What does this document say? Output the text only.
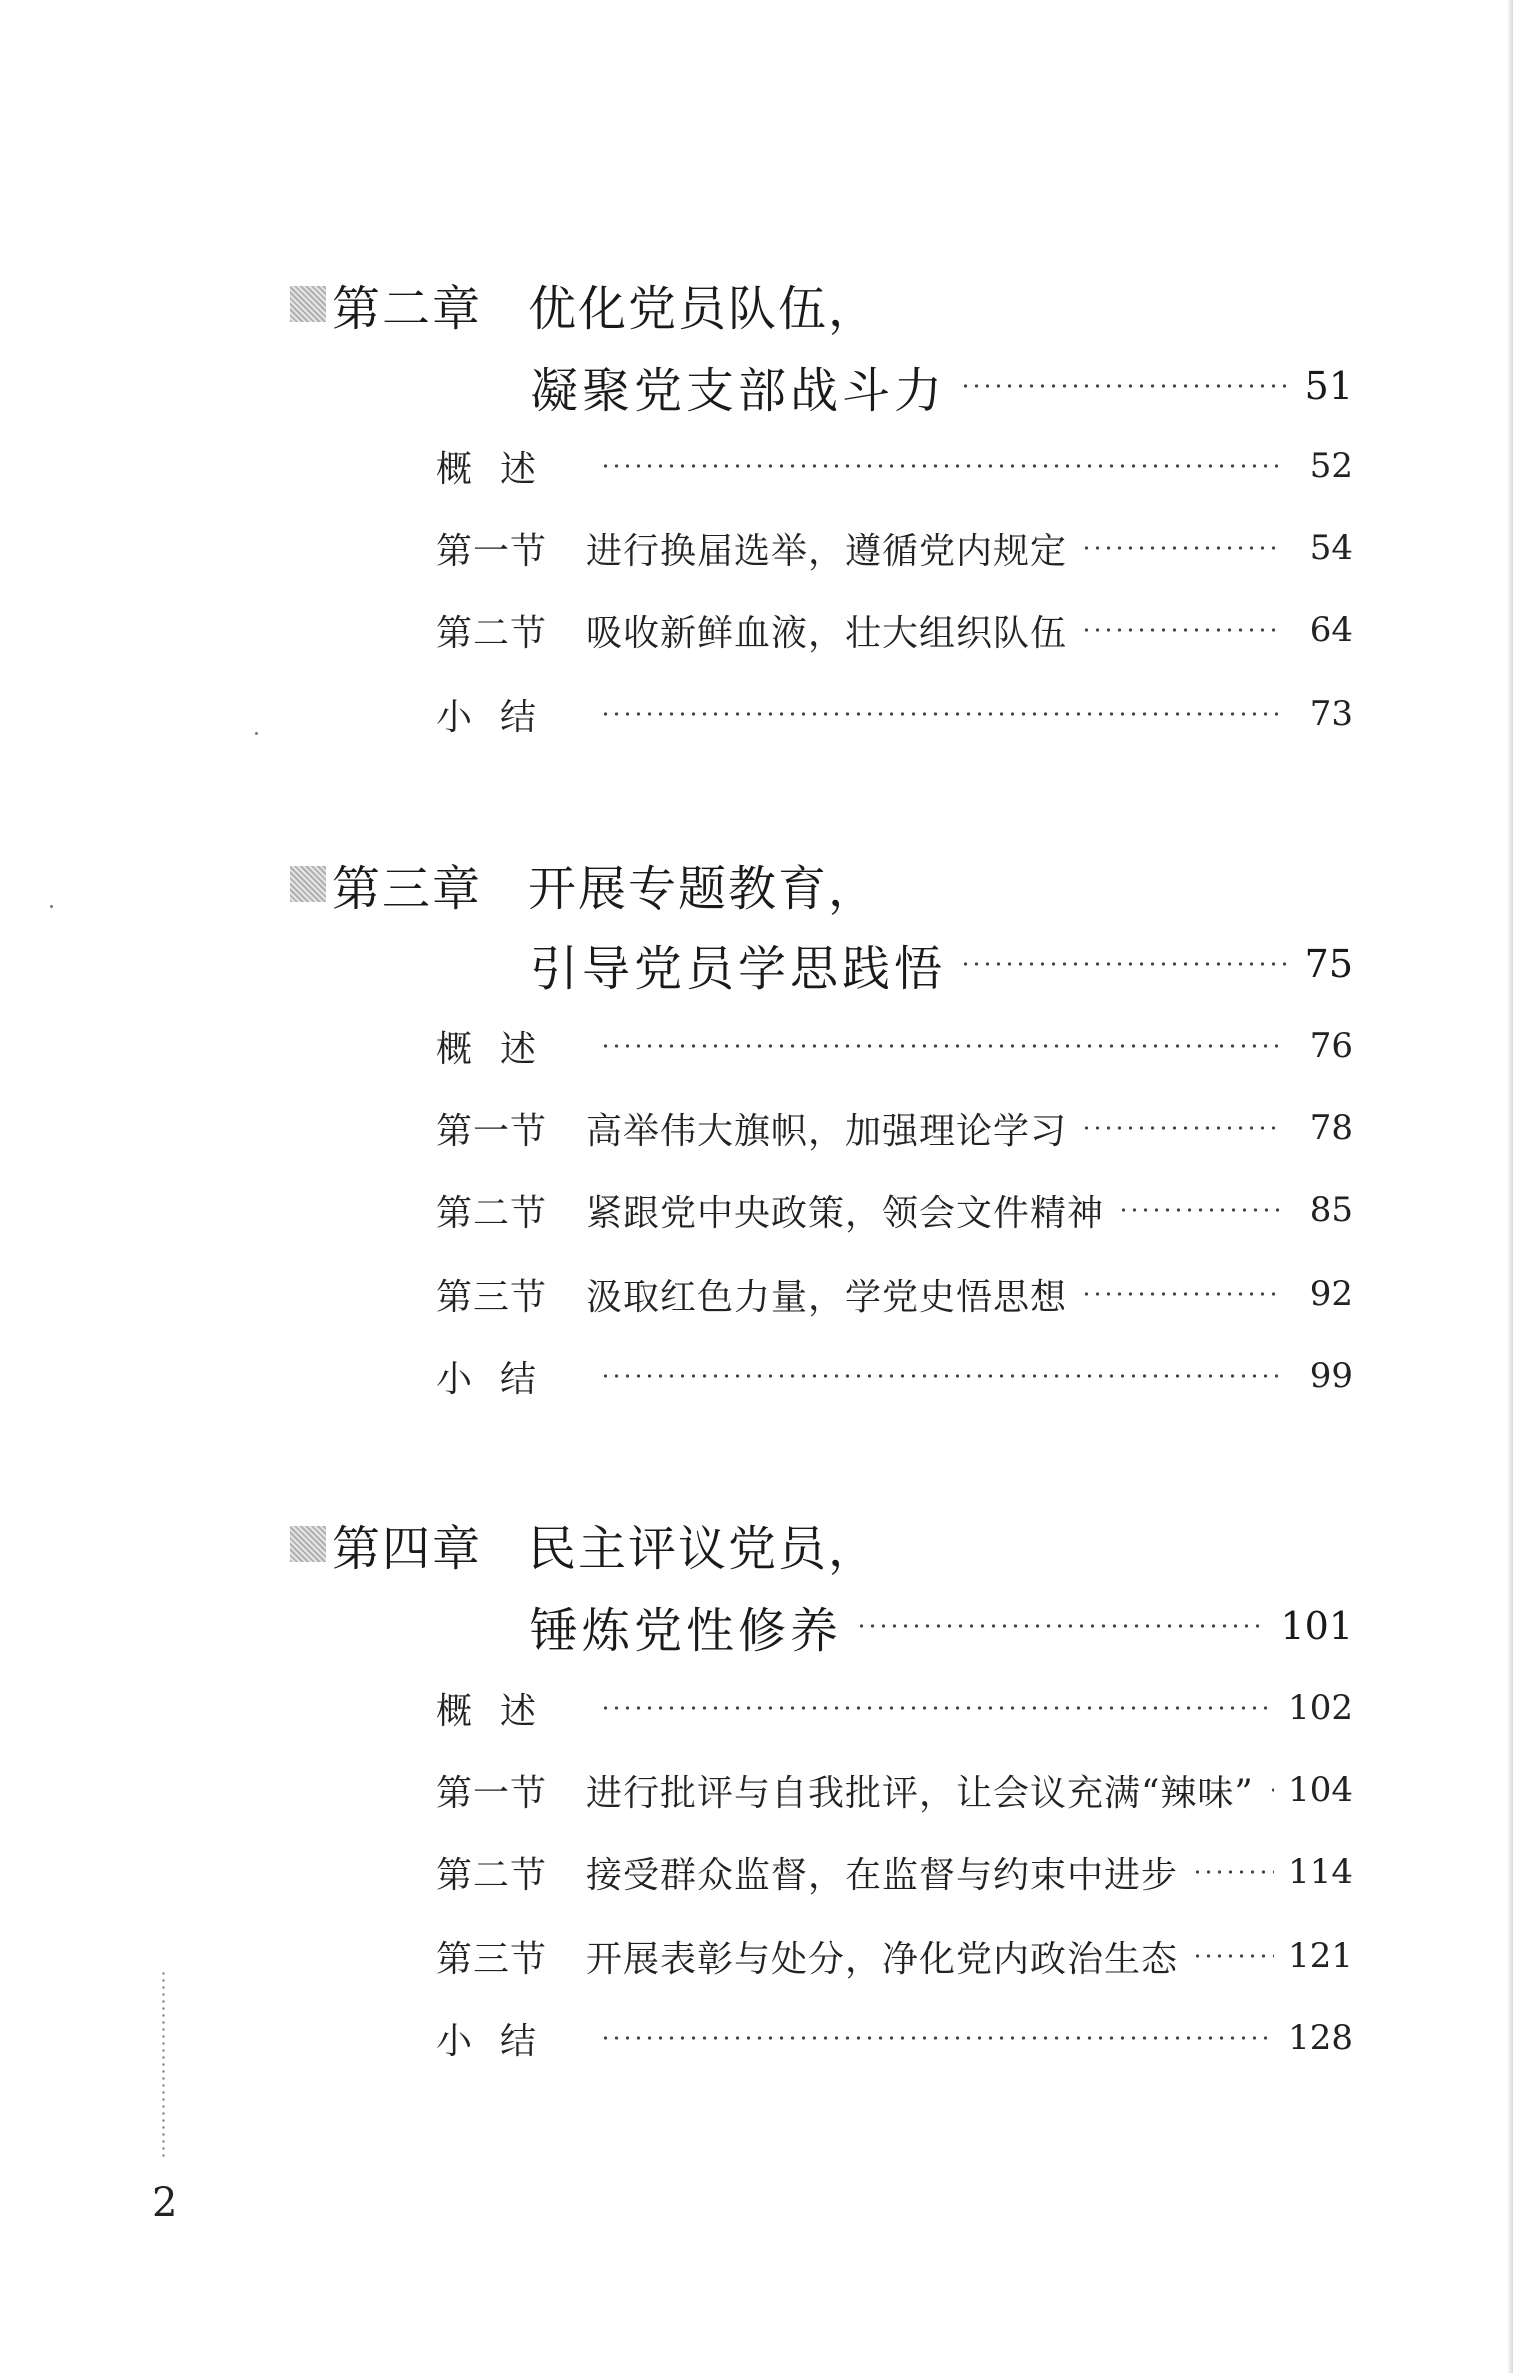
第二章 优化党员队伍，
凝聚党支部战斗力	51
概述	52
第一节	进行换届选举，遵循党内规定	54
第二节	吸收新鲜血液，壮大组织队伍	64
小结	73
第三章 开展专题教育，
引导党员学思践悟	75
概述	76
第一节	高举伟大旗帜，加强理论学习	78
第二节	紧跟党中央政策，领会文件精神	85
第三节	汲取红色力量，学党史悟思想	92
小结	99
第四章 民主评议党员，
锤炼党性修养	101
概述	102
第一节	进行批评与自我批评，让会议充满“辣味” 104
第二节	接受群众监督，在监督与约束中进步	114
第三节	开展表彰与处分，净化党内政治生态	121
小结	128
2
